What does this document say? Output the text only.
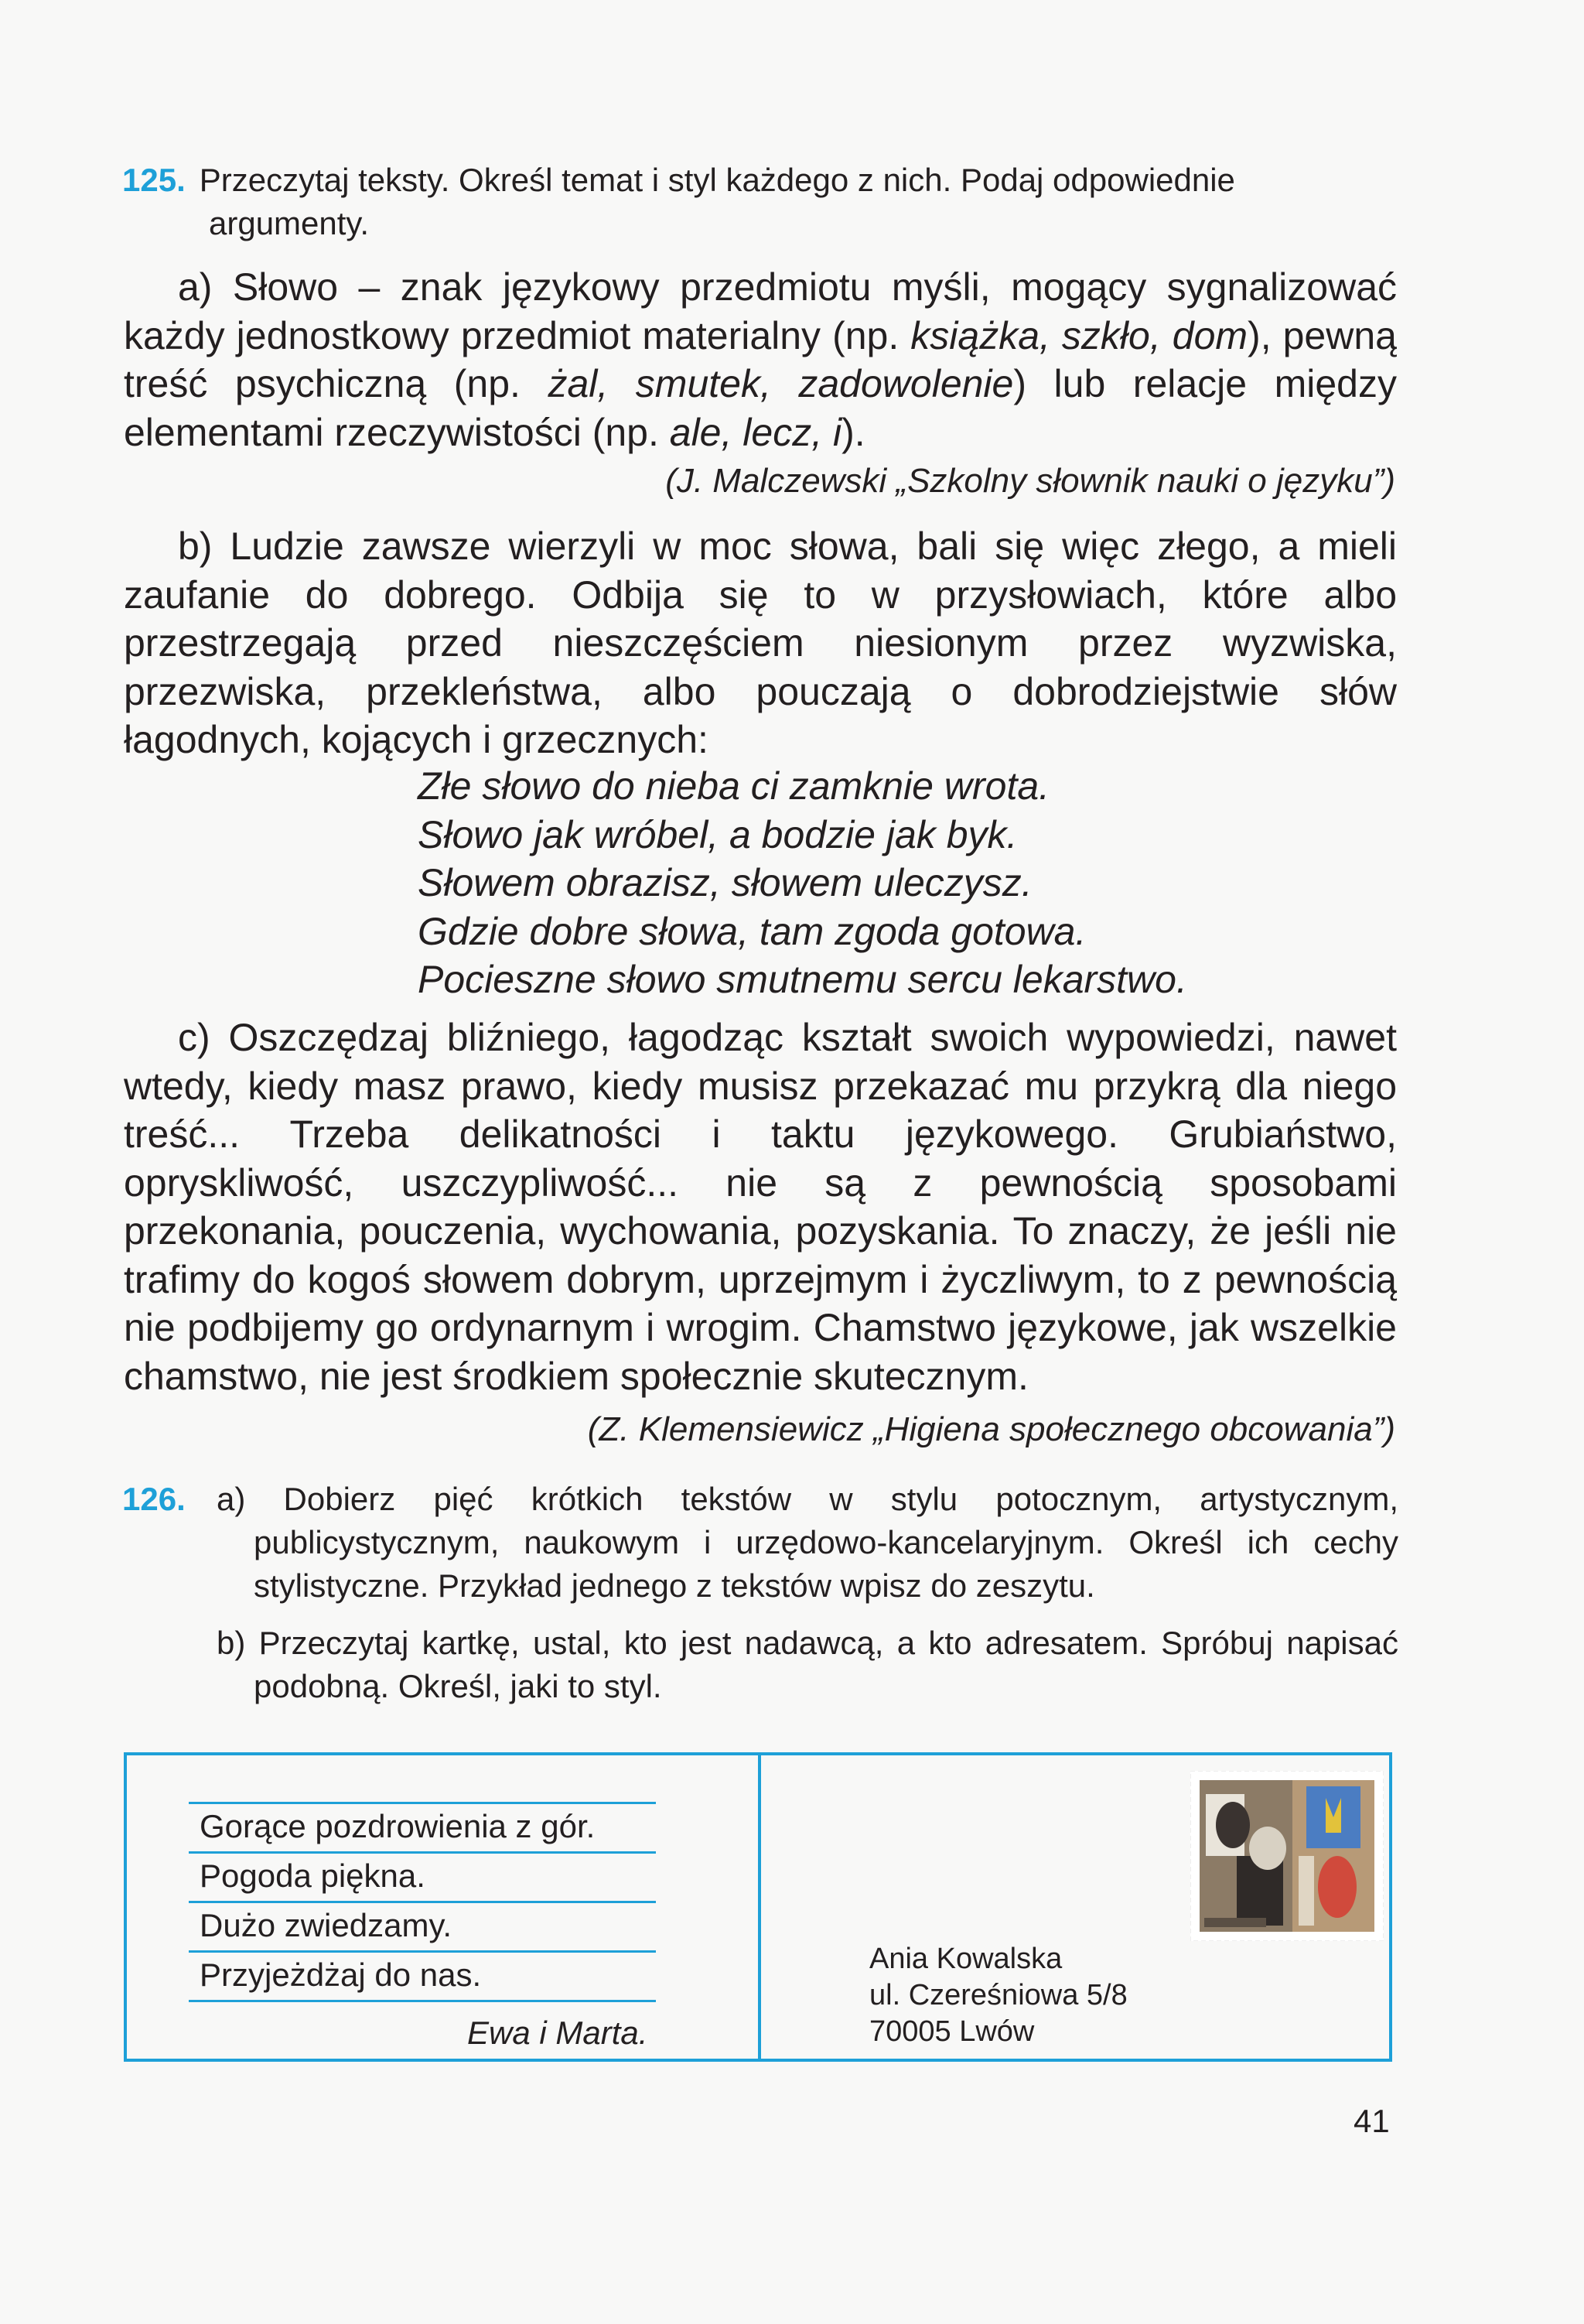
125. Przeczytaj teksty. Określ temat i styl każdego z nich. Podaj odpowiednie
argumenty.
a) Słowo – znak językowy przedmiotu myśli, mogący sygnalizować każdy jednostkowy przedmiot materialny (np. książka, szkło, dom), pewną treść psychiczną (np. żal, smutek, zadowolenie) lub relacje między elementami rzeczywistości (np. ale, lecz, i).
(J. Malczewski „Szkolny słownik nauki o języku”)
b) Ludzie zawsze wierzyli w moc słowa, bali się więc złego, a mieli zaufanie do dobrego. Odbija się to w przysłowiach, które albo przestrzegają przed nieszczęściem niesionym przez wyzwiska, przezwiska, przekleństwa, albo pouczają o dobrodziejstwie słów łagodnych, kojących i grzecznych:
Złe słowo do nieba ci zamknie wrota.
Słowo jak wróbel, a bodzie jak byk.
Słowem obrazisz, słowem uleczysz.
Gdzie dobre słowa, tam zgoda gotowa.
Pocieszne słowo smutnemu sercu lekarstwo.
c) Oszczędzaj bliźniego, łagodząc kształt swoich wypowiedzi, nawet wtedy, kiedy masz prawo, kiedy musisz przekazać mu przykrą dla niego treść... Trzeba delikatności i taktu językowego. Grubiaństwo, opryskliwość, uszczypliwość... nie są z pewnością sposobami przekonania, pouczenia, wychowania, pozyskania. To znaczy, że jeśli nie trafimy do kogoś słowem dobrym, uprzejmym i życzliwym, to z pewnością nie podbijemy go ordynarnym i wrogim. Chamstwo językowe, jak wszelkie chamstwo, nie jest środkiem społecznie skutecznym.
(Z. Klemensiewicz „Higiena społecznego obcowania”)
126. a) Dobierz pięć krótkich tekstów w stylu potocznym, artystycznym, publicystycznym, naukowym i urzędowo-kancelaryjnym. Określ ich cechy stylistyczne. Przykład jednego z tekstów wpisz do zeszytu.
b) Przeczytaj kartkę, ustal, kto jest nadawcą, a kto adresatem. Spróbuj napisać podobną. Określ, jaki to styl.
Gorące pozdrowienia z gór.
Pogoda piękna.
Dużo zwiedzamy.
Przyjeżdżaj do nas.
Ewa i Marta.
Ania Kowalska
ul. Czereśniowa 5/8
70005 Lwów
41
